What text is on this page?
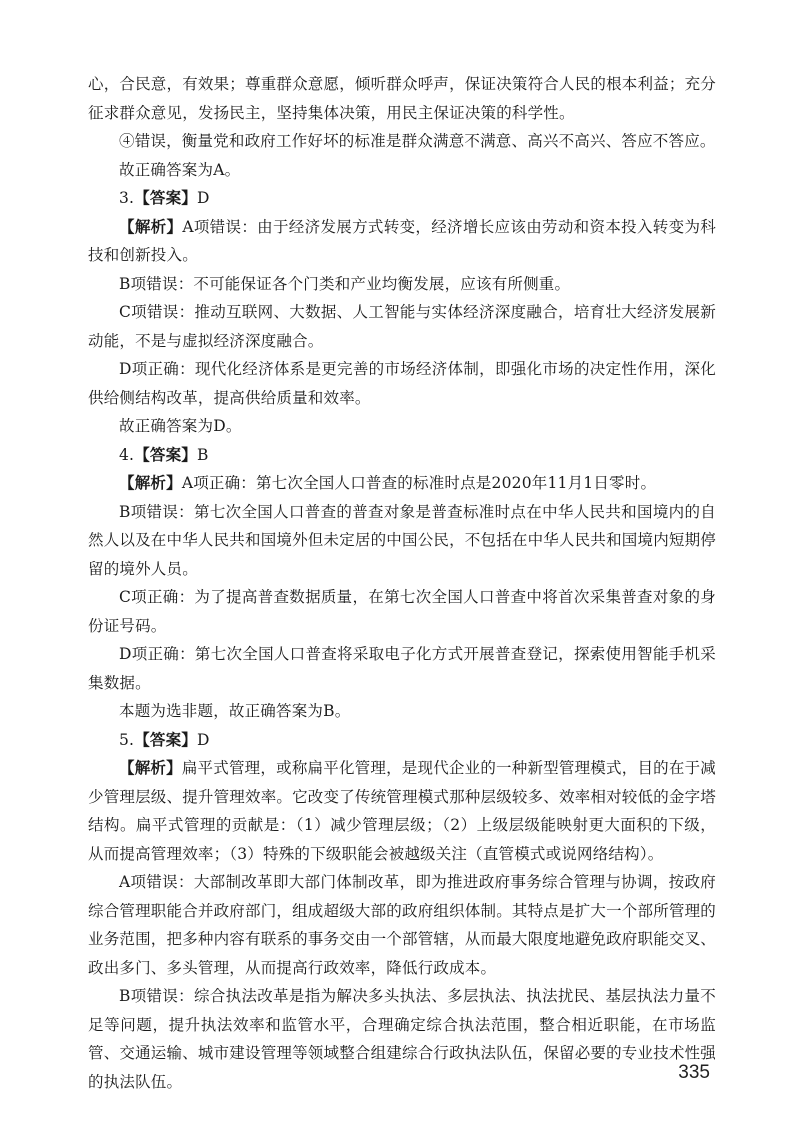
心，合民意，有效果；尊重群众意愿，倾听群众呼声，保证决策符合人民的根本利益；充分征求群众意见，发扬民主，坚持集体决策，用民主保证决策的科学性。

④错误，衡量党和政府工作好坏的标准是群众满意不满意、高兴不高兴、答应不答应。

故正确答案为A。

3.【答案】D

【解析】A项错误：由于经济发展方式转变，经济增长应该由劳动和资本投入转变为科技和创新投入。

B项错误：不可能保证各个门类和产业均衡发展，应该有所侧重。

C项错误：推动互联网、大数据、人工智能与实体经济深度融合，培育壮大经济发展新动能，不是与虚拟经济深度融合。

D项正确：现代化经济体系是更完善的市场经济体制，即强化市场的决定性作用，深化供给侧结构改革，提高供给质量和效率。

故正确答案为D。

4.【答案】B

【解析】A项正确：第七次全国人口普查的标准时点是2020年11月1日零时。

B项错误：第七次全国人口普查的普查对象是普查标准时点在中华人民共和国境内的自然人以及在中华人民共和国境外但未定居的中国公民，不包括在中华人民共和国境内短期停留的境外人员。

C项正确：为了提高普查数据质量，在第七次全国人口普查中将首次采集普查对象的身份证号码。

D项正确：第七次全国人口普查将采取电子化方式开展普查登记，探索使用智能手机采集数据。

本题为选非题，故正确答案为B。

5.【答案】D

【解析】扁平式管理，或称扁平化管理，是现代企业的一种新型管理模式，目的在于减少管理层级、提升管理效率。它改变了传统管理模式那种层级较多、效率相对较低的金字塔结构。扁平式管理的贡献是：（1）减少管理层级；（2）上级层级能映射更大面积的下级，从而提高管理效率；（3）特殊的下级职能会被越级关注（直管模式或说网络结构）。

A项错误：大部制改革即大部门体制改革，即为推进政府事务综合管理与协调，按政府综合管理职能合并政府部门，组成超级大部的政府组织体制。其特点是扩大一个部所管理的业务范围，把多种内容有联系的事务交由一个部管辖，从而最大限度地避免政府职能交叉、政出多门、多头管理，从而提高行政效率，降低行政成本。

B项错误：综合执法改革是指为解决多头执法、多层执法、执法扰民、基层执法力量不足等问题，提升执法效率和监管水平，合理确定综合执法范围，整合相近职能，在市场监管、交通运输、城市建设管理等领域整合组建综合行政执法队伍，保留必要的专业技术性强的执法队伍。	335
